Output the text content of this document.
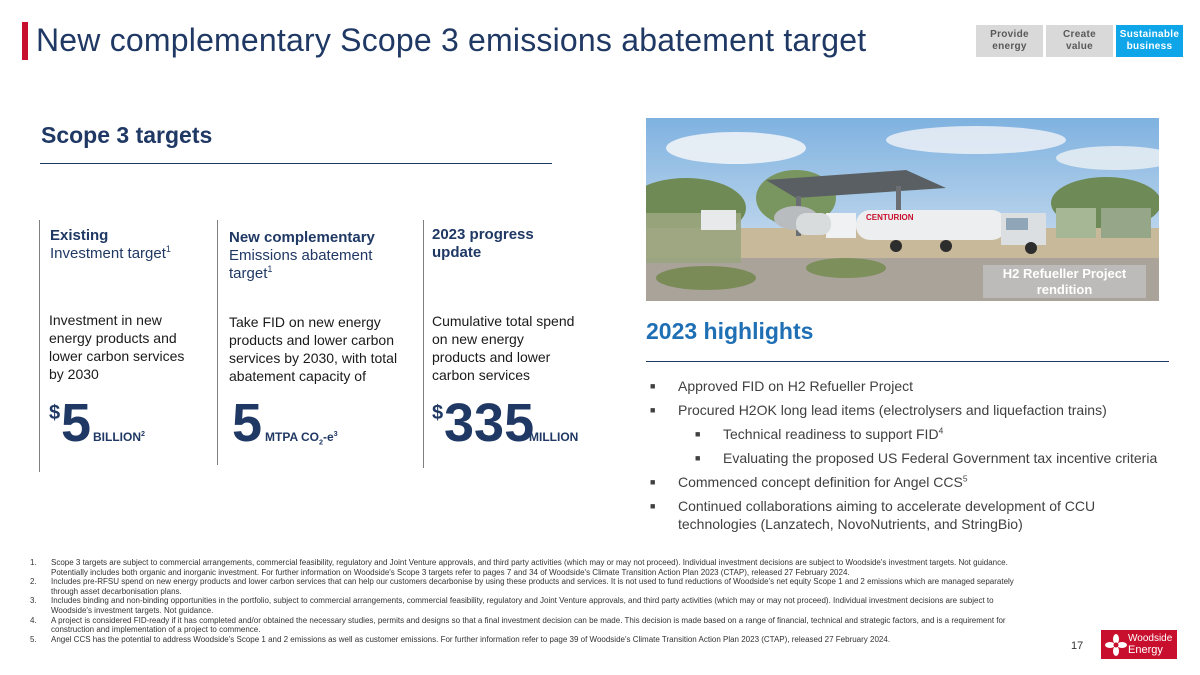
New complementary Scope 3 emissions abatement target	Provide
energy
Create
value
Sustainable
business
Scope 3 targets
Existing
Investment target$^1$
Investment in new energy products and lower carbon services by 2030
$ 5 BILLION$^2$
New complementary
Emissions abatement target$^1$
Take FID on new energy products and lower carbon services by 2030, with total abatement capacity of
5 MTPA $CO_2-e^3$
2023 progress update
Cumulative total spend on new energy products and lower carbon services
$ 335
MILLION
CENTURION
H2 Refueller Project rendition
2023 highlights
■ Approved FID on H2 Refueller Project
■ Procured H2OK long lead items (electrolysers and liquefaction trains)
■ Technical readiness to support FID$^4$
■ Evaluating the proposed US Federal Government tax incentive criteria
■ Commenced concept definition for Angel CCS$^5$
■ Continued collaborations aiming to accelerate development of CCU technologies (Lanzatech, NovoNutrients, and StringBio)
1. Scope 3 targets are subject to commercial arrangements, commercial feasibility, regulatory and Joint Venture approvals, and third party activities (which may or may not proceed). Individual investment decisions are subject to Woodside's investment targets. Not guidance. Potentially includes both organic and inorganic investment. For further information on Woodside's Scope 3 targets refer to pages 7 and 34 of Woodside's Climate Transition Action Plan 2023 (CTAP), released 27 February 2024.
2. Includes pre-RFSU spend on new energy products and lower carbon services that can help our customers decarbonise by using these products and services. It is not used to fund reductions of Woodside's net equity Scope 1 and 2 emissions which are managed separately through asset decarbonisation plans.
3. Includes binding and non-binding opportunities in the portfolio, subject to commercial arrangements, commercial feasibility, regulatory and Joint Venture approvals, and third party activities (which may or may not proceed). Individual investment decisions are subject to Woodside's investment targets. Not guidance.
4. A project is considered FID-ready if it has completed and/or obtained the necessary studies, permits and designs so that a final investment decision can be made. This decision is made based on a range of financial, technical and strategic factors, and is a requirement for construction and implementation of a project to commence.
5. Angel CCS has the potential to address Woodside's Scope 1 and 2 emissions as well as customer emissions. For further information refer to page 39 of Woodside's Climate Transition Action Plan 2023 (CTAP), released 27 February 2024.
17
Woodside
Energy
